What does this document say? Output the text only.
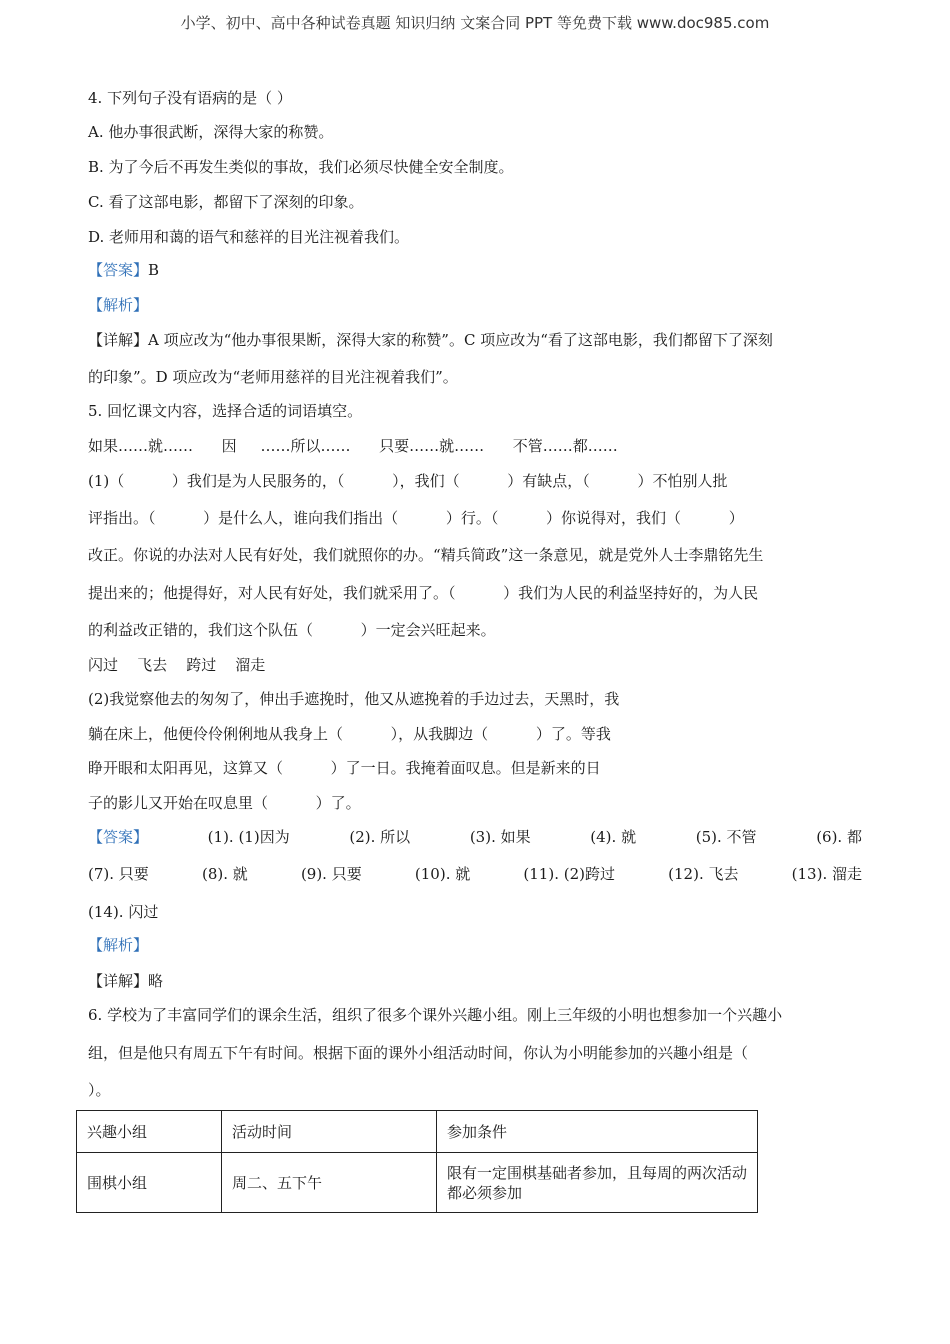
小学、初中、高中各种试卷真题 知识归纳 文案合同 PPT 等免费下载 www.doc985.com
4. 下列句子没有语病的是（ ）
A. 他办事很武断，深得大家的称赞。
B. 为了今后不再发生类似的事故，我们必须尽快健全安全制度。
C. 看了这部电影，都留下了深刻的印象。
D. 老师用和蔼的语气和慈祥的目光注视着我们。
【答案】B
【解析】
【详解】A 项应改为“他办事很果断，深得大家的称赞”。C 项应改为“看了这部电影，我们都留下了深刻
的印象”。D 项应改为“老师用慈祥的目光注视着我们”。
5. 回忆课文内容，选择合适的词语填空。
如果……就…… 因     ……所以…… 只要……就…… 不管……都……
(1)（          ）我们是为人民服务的，（          ），我们（          ）有缺点，（          ）不怕别人批
评指出。（          ）是什么人，谁向我们指出（          ）行。（          ）你说得对，我们（          ）
改正。你说的办法对人民有好处，我们就照你的办。“精兵简政”这一条意见，就是党外人士李鼎铭先生
提出来的；他提得好，对人民有好处，我们就采用了。（          ）我们为人民的利益坚持好的，为人民
的利益改正错的，我们这个队伍（          ）一定会兴旺起来。
闪过 飞去 跨过 溜走
(2)我觉察他去的匆匆了，伸出手遮挽时，他又从遮挽着的手边过去，天黑时，我
躺在床上，他便伶伶俐俐地从我身上（          ），从我脚边（          ）了。等我
睁开眼和太阳再见，这算又（          ）了一日。我掩着面叹息。但是新来的日
子的影儿又开始在叹息里（          ）了。
【答案】	(1). (1)因为	(2). 所以	(3). 如果	(4). 就	(5). 不管	(6). 都
(7). 只要	(8). 就	(9). 只要	(10). 就	(11). (2)跨过	(12). 飞去	(13). 溜走
(14). 闪过
【解析】
【详解】略
6. 学校为了丰富同学们的课余生活，组织了很多个课外兴趣小组。刚上三年级的小明也想参加一个兴趣小
组，但是他只有周五下午有时间。根据下面的课外小组活动时间，你认为小明能参加的兴趣小组是（
）。
兴趣小组	活动时间	参加条件
围棋小组	周二、五下午	限有一定围棋基础者参加，且每周的两次活动都必须参加
